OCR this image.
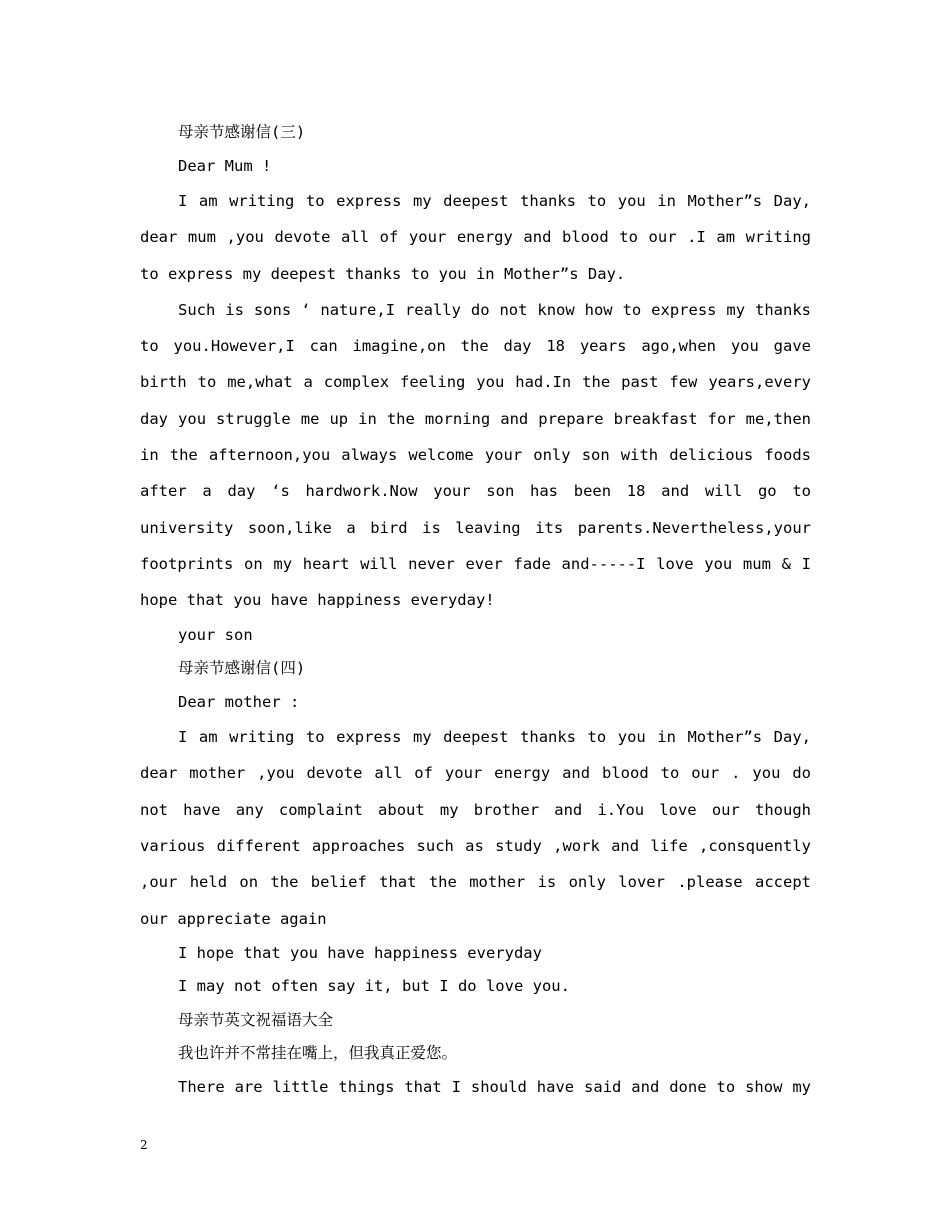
母亲节感谢信(三)

Dear Mum !

I am writing to express my deepest thanks to you in Mother”s Day, dear mum ,you devote all of your energy and blood to our .I am writing to express my deepest thanks to you in Mother”s Day.

Such is sons ‘ nature,I really do not know how to express my thanks to you.However,I can imagine,on the day 18 years ago,when you gave birth to me,what a complex feeling you had.In the past few years,every day you struggle me up in the morning and prepare breakfast for me,then in the afternoon,you always welcome your only son with delicious foods after a day ‘s hardwork.Now your son has been 18 and will go to university soon,like a bird is leaving its parents.Nevertheless,your footprints on my heart will never ever fade and-----I love you mum & I hope that you have happiness everyday!

your son

母亲节感谢信(四)

Dear mother :

I am writing to express my deepest thanks to you in Mother”s Day, dear mother ,you devote all of your energy and blood to our . you do not have any complaint about my brother and i.You love our though various different approaches such as study ,work and life ,consquently ,our held on the belief that the mother is only lover .please accept our appreciate again

I hope that you have happiness everyday

I may not often say it, but I do love you.

母亲节英文祝福语大全

我也许并不常挂在嘴上，但我真正爱您。

There are little things that I should have said and done to show my

2
